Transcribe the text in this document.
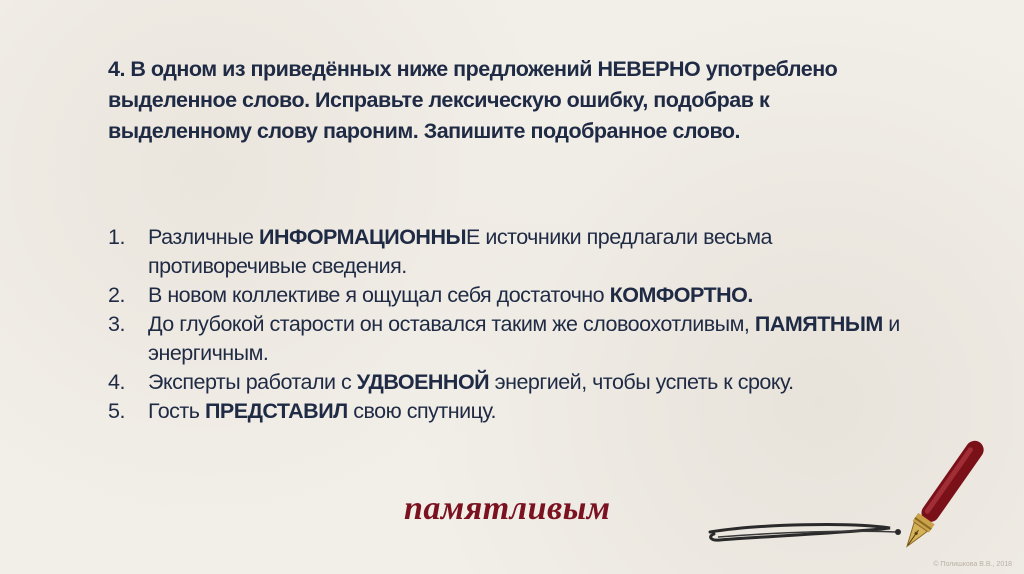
4. В одном из приведённых ниже предложений НЕВЕРНО употреблено выделенное слово. Исправьте лексическую ошибку, подобрав к выделенному слову пароним. Запишите подобранное слово.
1. Различные ИНФОРМАЦИОННЫЕ источники предлагали весьма противоречивые сведения.
2. В новом коллективе я ощущал себя достаточно КОМФОРТНО.
3. До глубокой старости он оставался таким же словоохотливым, ПАМЯТНЫМ и энергичным.
4. Эксперты работали с УДВОЕННОЙ энергией, чтобы успеть к сроку.
5. Гость ПРЕДСТАВИЛ свою спутницу.
памятливым
© Полишкова В.В., 2018
